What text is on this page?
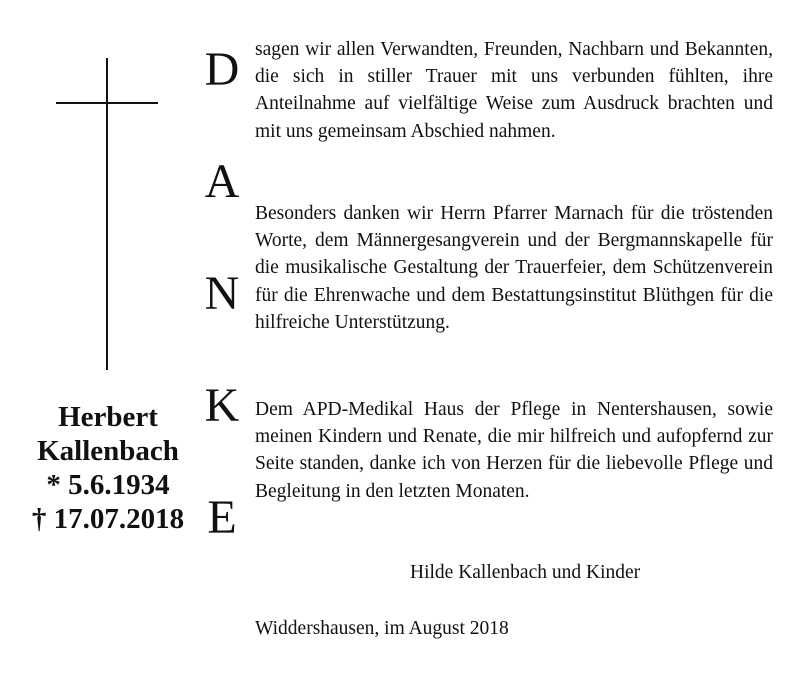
Herbert
Kallenbach
* 5.6.1934
† 17.07.2018
D
A
N
K
E
sagen wir allen Verwandten, Freunden, Nachbarn und Bekannten, die sich in stiller Trauer mit uns verbunden fühlten, ihre Anteilnahme auf vielfältige Weise zum Ausdruck brachten und mit uns gemeinsam Abschied nahmen.
Besonders danken wir Herrn Pfarrer Marnach für die tröstenden Worte, dem Männergesangverein und der Bergmannskapelle für die musikalische Gestaltung der Trauerfeier, dem Schützenverein für die Ehrenwache und dem Bestattungsinstitut Blüthgen für die hilfreiche Unterstützung.
Dem APD-Medikal Haus der Pflege in Nentershausen, sowie meinen Kindern und Renate, die mir hilfreich und aufopfernd zur Seite standen, danke ich von Herzen für die liebevolle Pflege und Begleitung in den letzten Monaten.
Hilde Kallenbach und Kinder
Widdershausen, im August 2018
